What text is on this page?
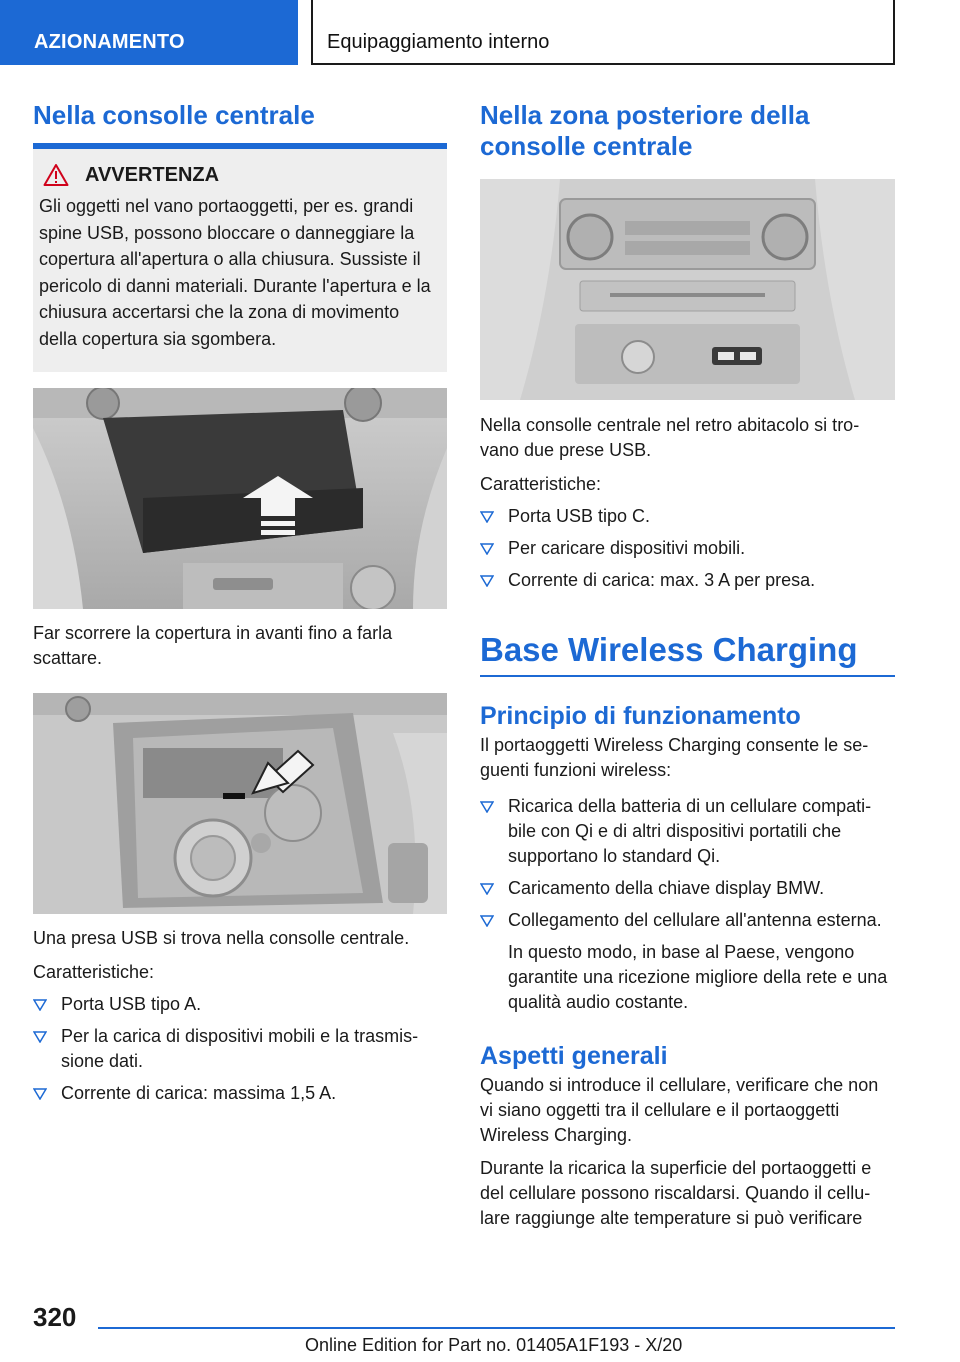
AZIONAMENTO	Equipaggiamento interno
Nella consolle centrale
AVVERTENZA
Gli oggetti nel vano portaoggetti, per es. grandi spine USB, possono bloccare o danneggiare la copertura all'apertura o alla chiusura. Sussiste il pericolo di danni materiali. Durante l'apertura e la chiusura accertarsi che la zona di movimento della copertura sia sgombera.

Far scorrere la copertura in avanti fino a farla scattare.

Una presa USB si trova nella consolle centrale.

Caratteristiche:

Porta USB tipo A.
Per la carica di dispositivi mobili e la trasmis-sione dati.
Corrente di carica: massima 1,5 A.
Nella zona posteriore della consolle centrale

Nella consolle centrale nel retro abitacolo si tro-vano due prese USB.

Caratteristiche:

Porta USB tipo C.
Per caricare dispositivi mobili.
Corrente di carica: max. 3 A per presa.
Base Wireless Charging
Principio di funzionamento

Il portaoggetti Wireless Charging consente le se-guenti funzioni wireless:

Ricarica della batteria di un cellulare compati-bile con Qi e di altri dispositivi portatili che supportano lo standard Qi.
Caricamento della chiave display BMW.
Collegamento del cellulare all'antenna esterna.
In questo modo, in base al Paese, vengono garantite una ricezione migliore della rete e una qualità audio costante.
Aspetti generali

Quando si introduce il cellulare, verificare che non vi siano oggetti tra il cellulare e il portaoggetti Wireless Charging.

Durante la ricarica la superficie del portaoggetti e del cellulare possono riscaldarsi. Quando il cellu-lare raggiunge alte temperature si può verificare

320
Online Edition for Part no. 01405A1F193 - X/20
